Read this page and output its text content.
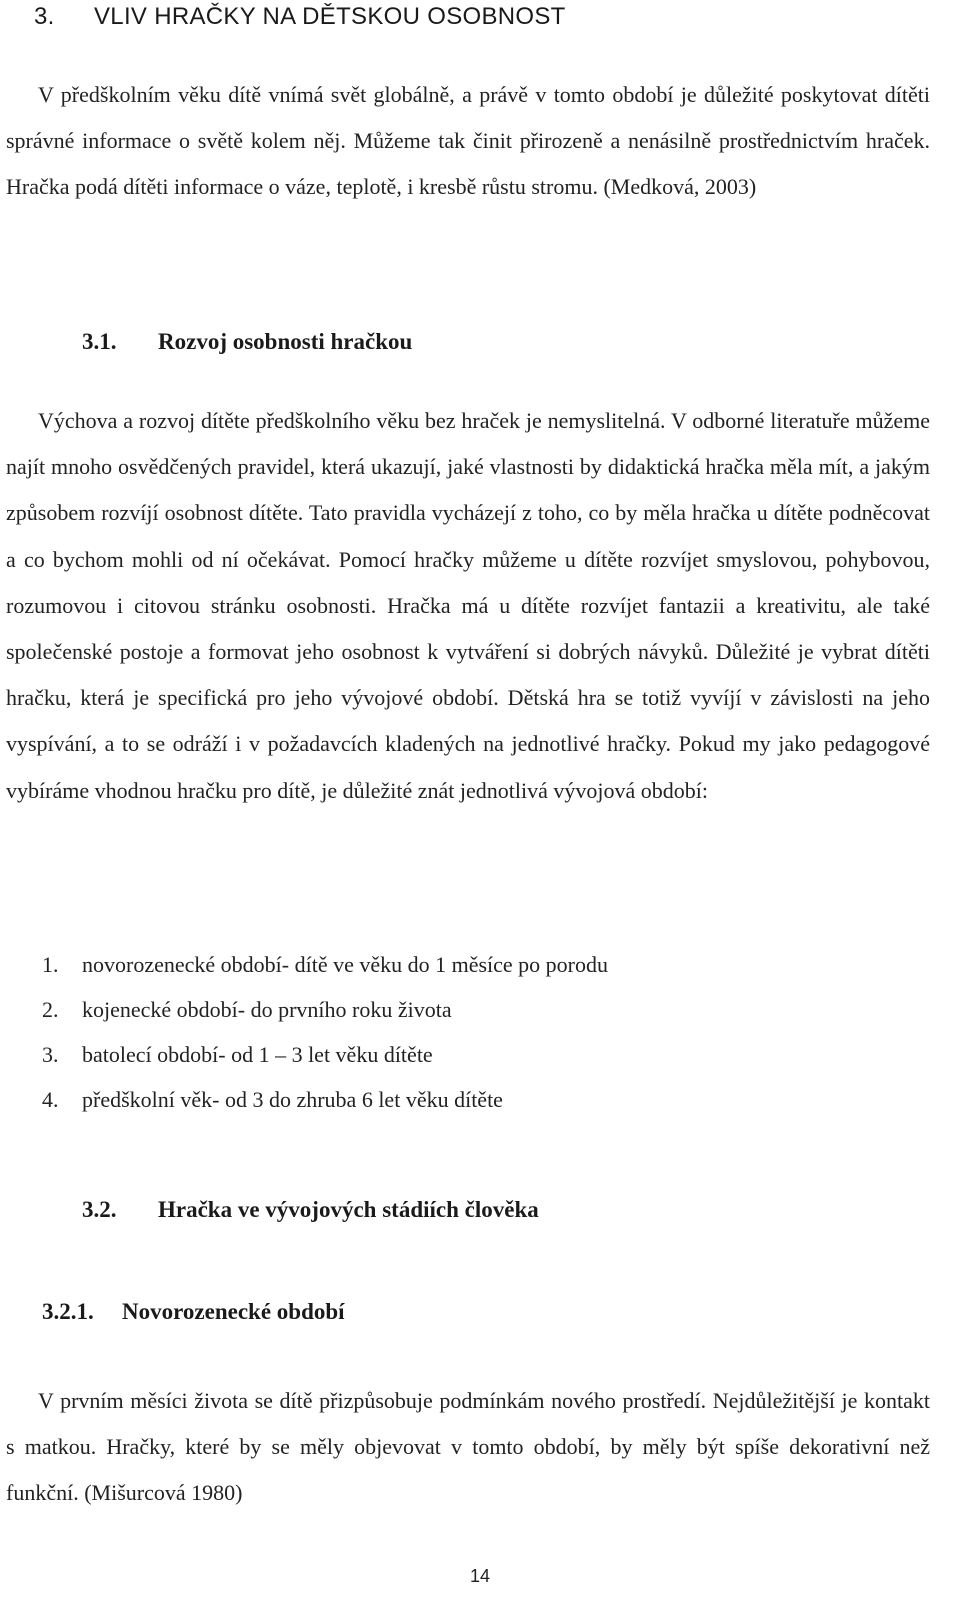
3. VLIV HRAČKY NA DĚTSKOU OSOBNOST

V předškolním věku dítě vnímá svět globálně, a právě v tomto období je důležité poskytovat dítěti správné informace o světě kolem něj. Můžeme tak činit přirozeně a nenásilně prostřednictvím hraček. Hračka podá dítěti informace o váze, teplotě, i kresbě růstu stromu. (Medková, 2003)

3.1. Rozvoj osobnosti hračkou

Výchova a rozvoj dítěte předškolního věku bez hraček je nemyslitelná. V odborné literatuře můžeme najít mnoho osvědčených pravidel, která ukazují, jaké vlastnosti by didaktická hračka měla mít, a jakým způsobem rozvíjí osobnost dítěte. Tato pravidla vycházejí z toho, co by měla hračka u dítěte podněcovat a co bychom mohli od ní očekávat. Pomocí hračky můžeme u dítěte rozvíjet smyslovou, pohybovou, rozumovou i citovou stránku osobnosti. Hračka má u dítěte rozvíjet fantazii a kreativitu, ale také společenské postoje a formovat jeho osobnost k vytváření si dobrých návyků. Důležité je vybrat dítěti hračku, která je specifická pro jeho vývojové období. Dětská hra se totiž vyvíjí v závislosti na jeho vyspívání, a to se odráží i v požadavcích kladených na jednotlivé hračky. Pokud my jako pedagogové vybíráme vhodnou hračku pro dítě, je důležité znát jednotlivá vývojová období:

1. novorozenecké období- dítě ve věku do 1 měsíce po porodu
2. kojenecké období- do prvního roku života
3. batolecí období- od 1 – 3 let věku dítěte
4. předškolní věk- od 3 do zhruba 6 let věku dítěte
3.2. Hračka ve vývojových stádiích člověka
3.2.1. Novorozenecké období

V prvním měsíci života se dítě přizpůsobuje podmínkám nového prostředí. Nejdůležitější je kontakt s matkou. Hračky, které by se měly objevovat v tomto období, by měly být spíše dekorativní než funkční. (Mišurcová 1980)

14
